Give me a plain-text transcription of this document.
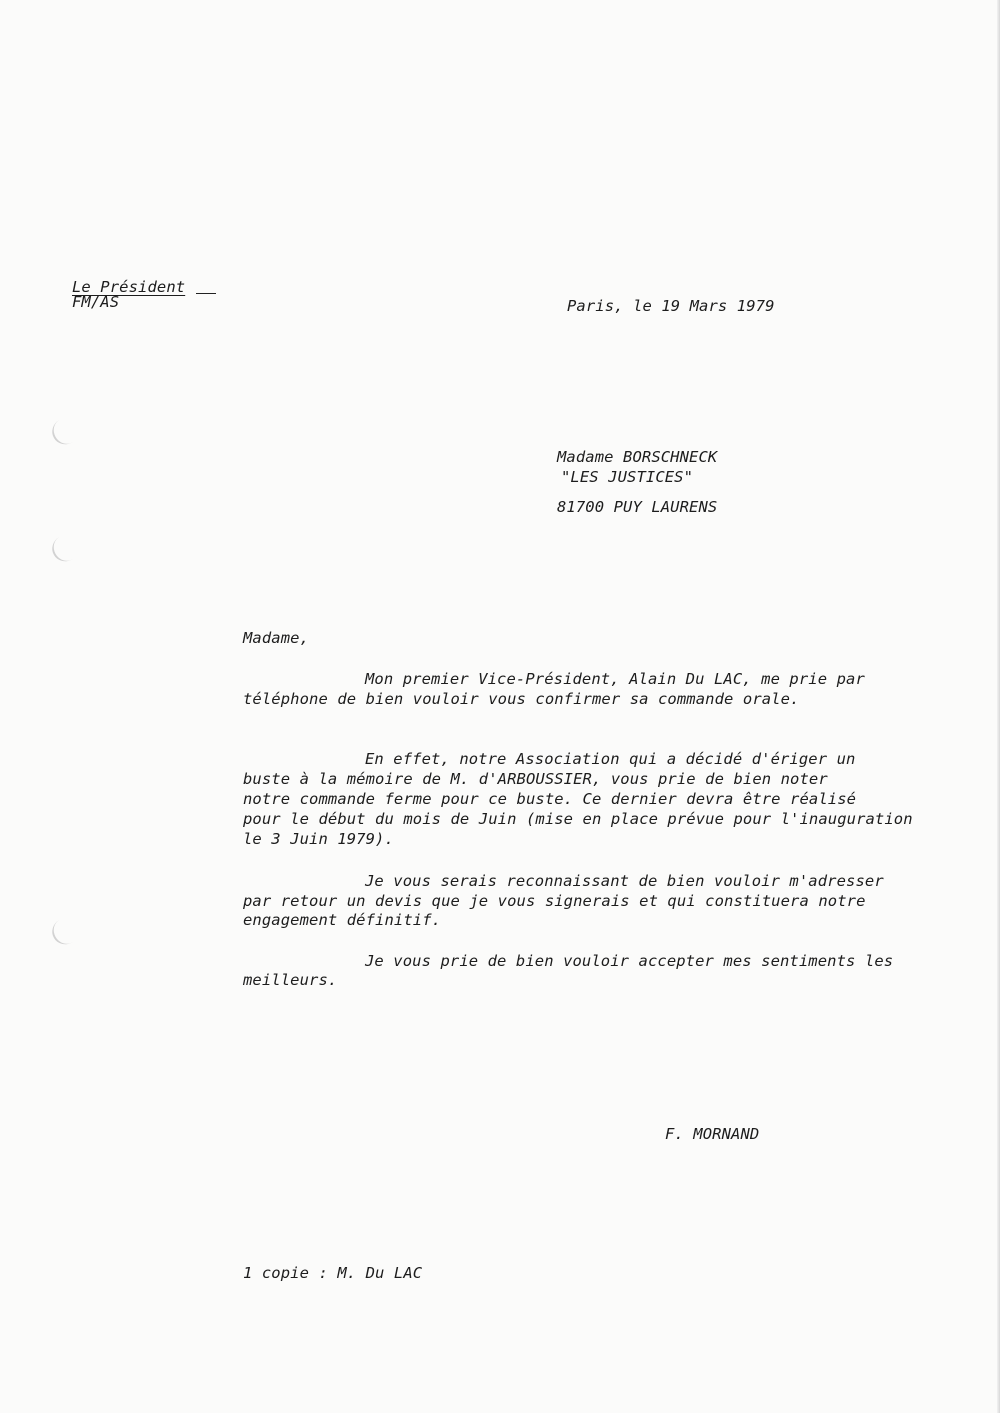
Le Président
FM/AS	Paris, le 19 Mars 1979
Madame BORSCHNECK
"LES JUSTICES"
81700 PUY LAURENS
Madame,
Mon premier Vice-Président, Alain Du LAC, me prie par
téléphone de bien vouloir vous confirmer sa commande orale.
En effet, notre Association qui a décidé d'ériger un
buste à la mémoire de M. d'ARBOUSSIER, vous prie de bien noter
notre commande ferme pour ce buste. Ce dernier devra être réalisé
pour le début du mois de Juin (mise en place prévue pour l'inauguration
le 3 Juin 1979).
Je vous serais reconnaissant de bien vouloir m'adresser
par retour un devis que je vous signerais et qui constituera notre
engagement définitif.
Je vous prie de bien vouloir accepter mes sentiments les
meilleurs.
F. MORNAND
1 copie : M. Du LAC
